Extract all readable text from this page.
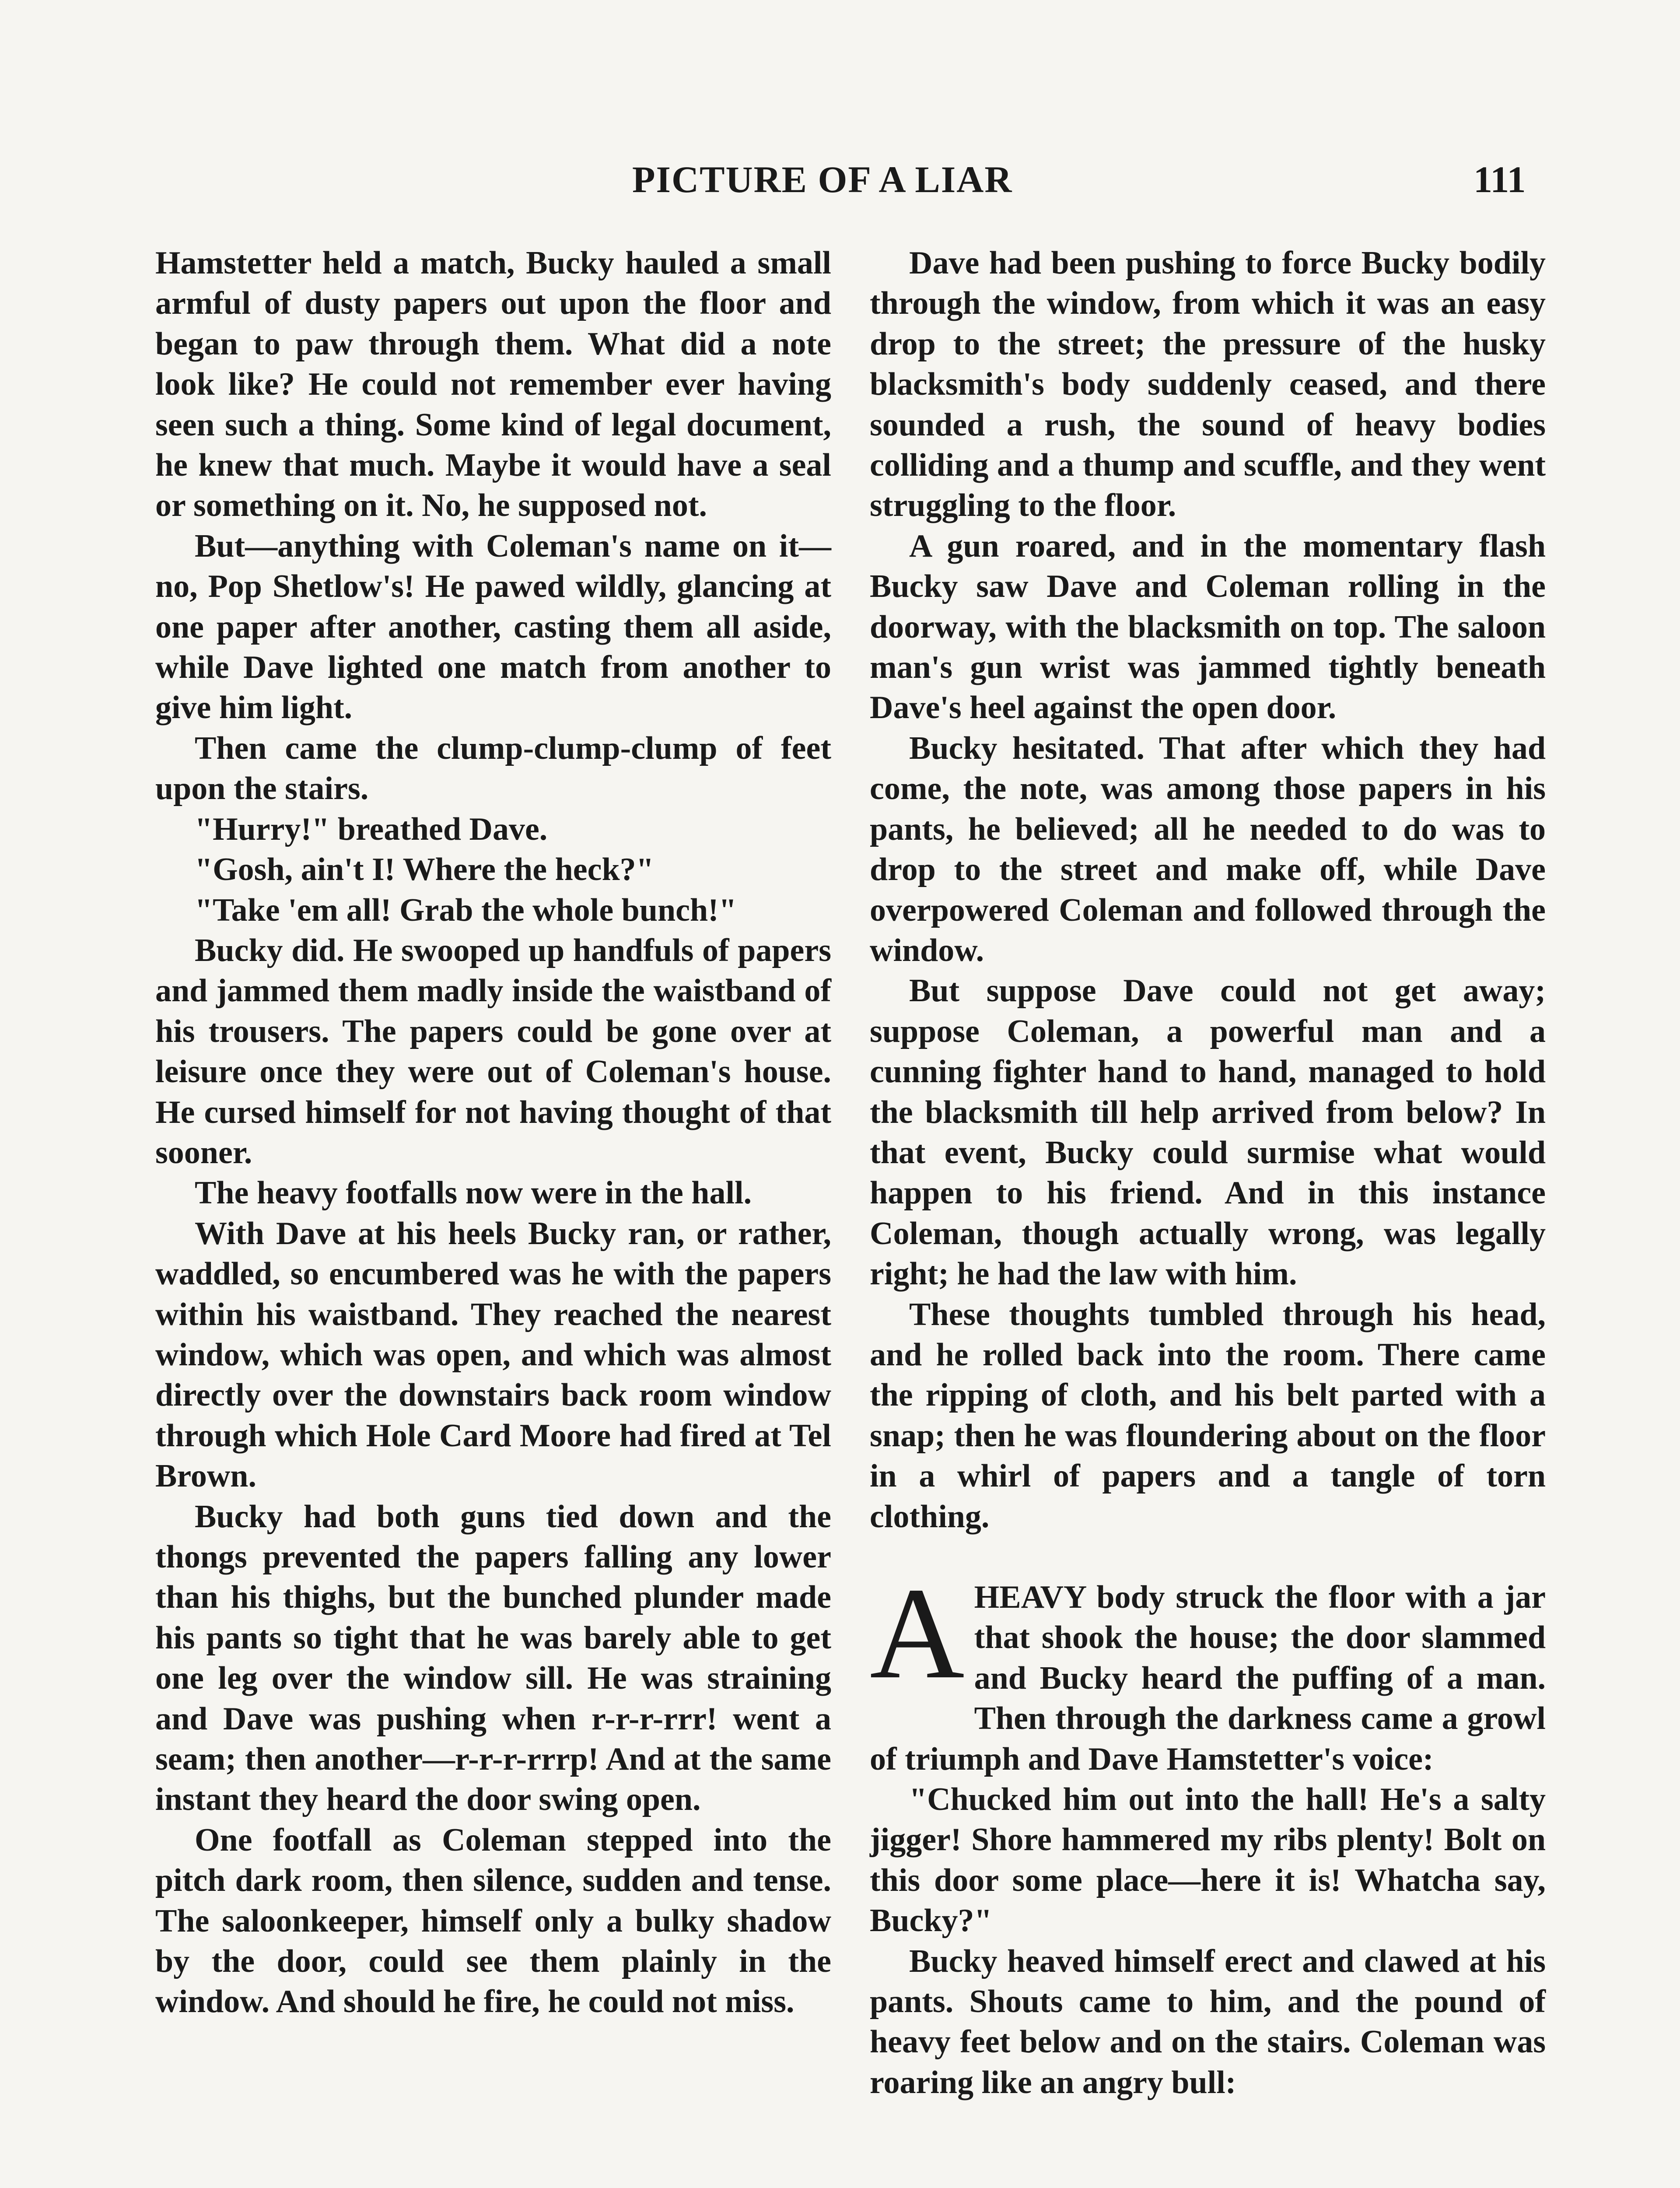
PICTURE OF A LIAR	111

Hamstetter held a match, Bucky hauled a small armful of dusty papers out upon the floor and began to paw through them. What did a note look like? He could not remember ever having seen such a thing. Some kind of legal document, he knew that much. Maybe it would have a seal or something on it. No, he supposed not.

But—anything with Coleman's name on it—no, Pop Shetlow's! He pawed wildly, glancing at one paper after another, casting them all aside, while Dave lighted one match from another to give him light.

Then came the clump-clump-clump of feet upon the stairs.

"Hurry!" breathed Dave.

"Gosh, ain't I! Where the heck?"

"Take 'em all! Grab the whole bunch!"

Bucky did. He swooped up handfuls of papers and jammed them madly inside the waistband of his trousers. The papers could be gone over at leisure once they were out of Coleman's house. He cursed himself for not having thought of that sooner.

The heavy footfalls now were in the hall.

With Dave at his heels Bucky ran, or rather, waddled, so encumbered was he with the papers within his waistband. They reached the nearest window, which was open, and which was almost directly over the downstairs back room window through which Hole Card Moore had fired at Tel Brown.

Bucky had both guns tied down and the thongs prevented the papers falling any lower than his thighs, but the bunched plunder made his pants so tight that he was barely able to get one leg over the window sill. He was straining and Dave was pushing when r-r-r-rrr! went a seam; then another—r-r-r-rrrp! And at the same instant they heard the door swing open.

One footfall as Coleman stepped into the pitch dark room, then silence, sudden and tense. The saloonkeeper, himself only a bulky shadow by the door, could see them plainly in the window. And should he fire, he could not miss.

Dave had been pushing to force Bucky bodily through the window, from which it was an easy drop to the street; the pressure of the husky blacksmith's body suddenly ceased, and there sounded a rush, the sound of heavy bodies colliding and a thump and scuffle, and they went struggling to the floor.

A gun roared, and in the momentary flash Bucky saw Dave and Coleman rolling in the doorway, with the blacksmith on top. The saloon man's gun wrist was jammed tightly beneath Dave's heel against the open door.

Bucky hesitated. That after which they had come, the note, was among those papers in his pants, he believed; all he needed to do was to drop to the street and make off, while Dave overpowered Coleman and followed through the window.

But suppose Dave could not get away; suppose Coleman, a powerful man and a cunning fighter hand to hand, managed to hold the blacksmith till help arrived from below? In that event, Bucky could surmise what would happen to his friend. And in this instance Coleman, though actually wrong, was legally right; he had the law with him.

These thoughts tumbled through his head, and he rolled back into the room. There came the ripping of cloth, and his belt parted with a snap; then he was floundering about on the floor in a whirl of papers and a tangle of torn clothing.

AHEAVY body struck the floor with a jar that shook the house; the door slammed and Bucky heard the puffing of a man. Then through the darkness came a growl of triumph and Dave Hamstetter's voice:

"Chucked him out into the hall! He's a salty jigger! Shore hammered my ribs plenty! Bolt on this door some place—here it is! Whatcha say, Bucky?"

Bucky heaved himself erect and clawed at his pants. Shouts came to him, and the pound of heavy feet below and on the stairs. Coleman was roaring like an angry bull:
